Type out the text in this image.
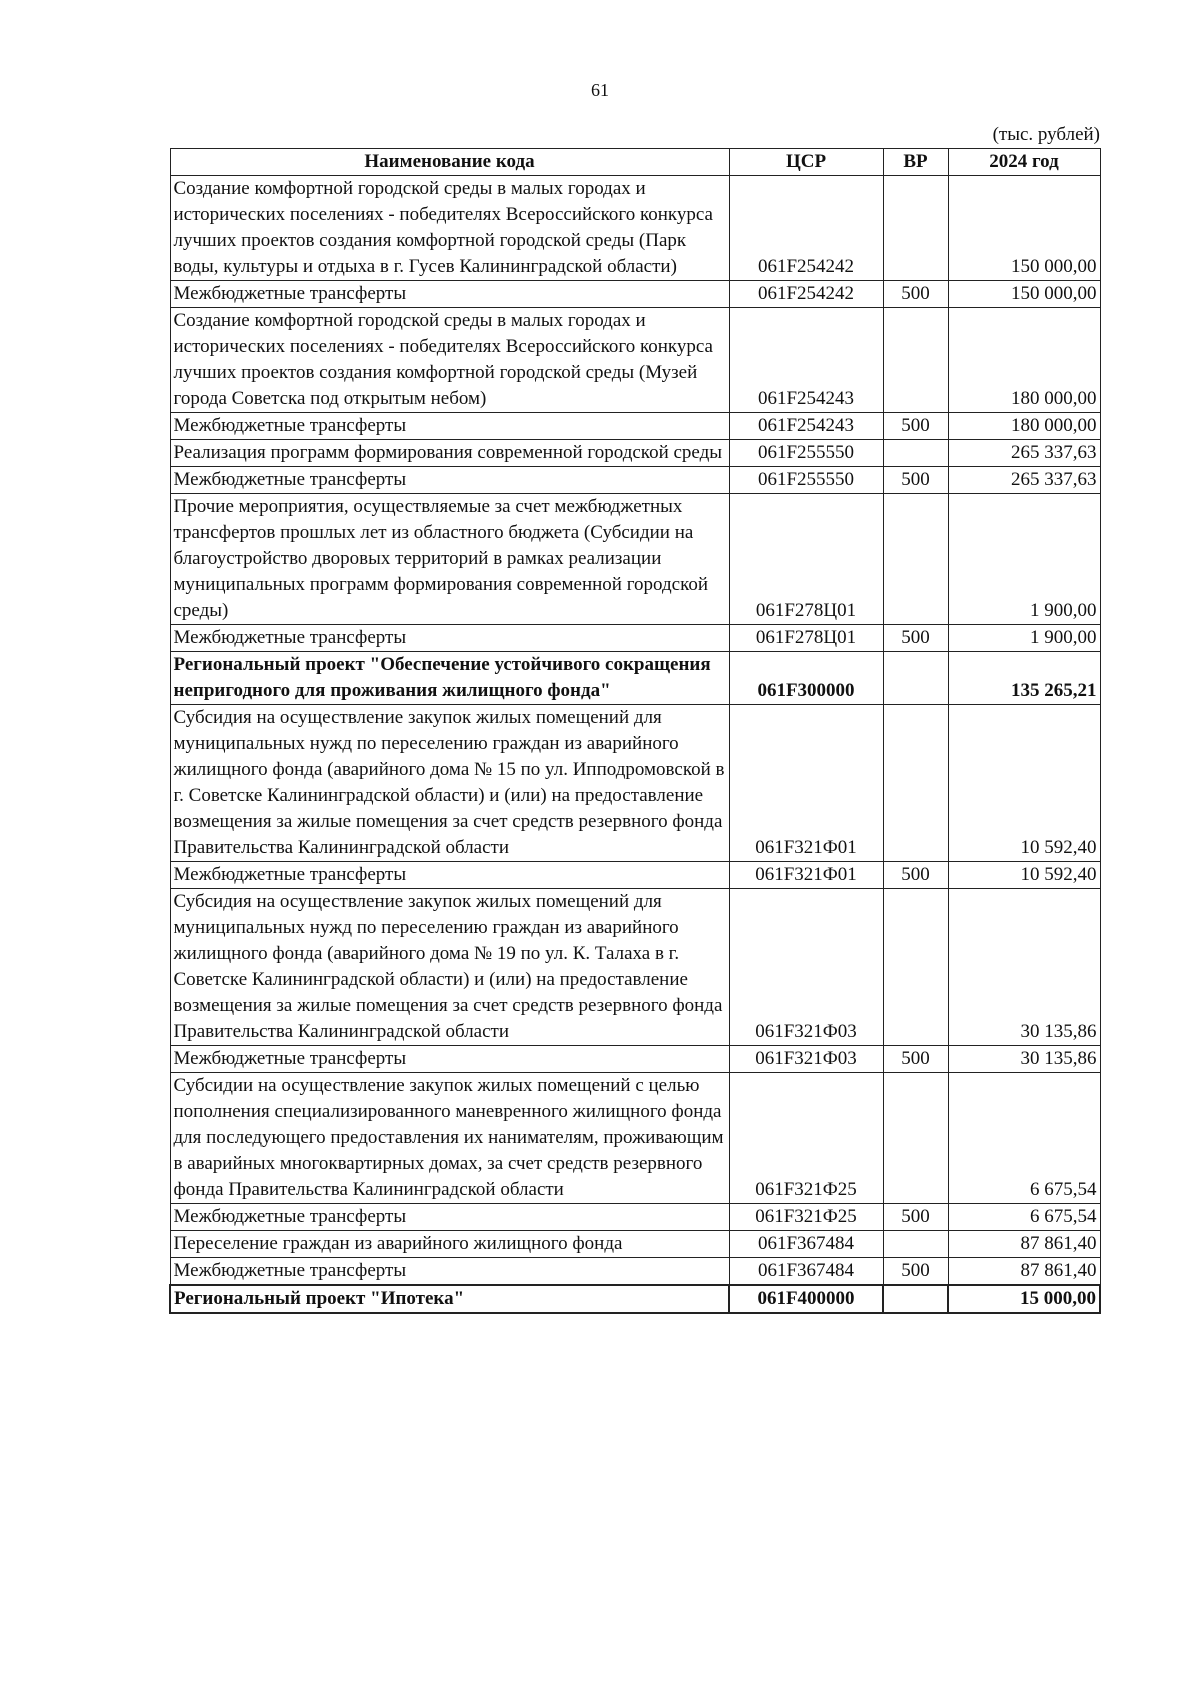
61
(тыс. рублей)
Наименование кода	ЦСР	ВР	2024 год
Создание комфортной городской среды в малых городах и исторических поселениях - победителях Всероссийского конкурса лучших проектов создания комфортной городской среды (Парк воды, культуры и отдыха в г. Гусев Калининградской области)	061F254242		150 000,00
Межбюджетные трансферты	061F254242	500	150 000,00
Создание комфортной городской среды в малых городах и исторических поселениях - победителях Всероссийского конкурса лучших проектов создания комфортной городской среды (Музей города Советска под открытым небом)	061F254243		180 000,00
Межбюджетные трансферты	061F254243	500	180 000,00
Реализация программ формирования современной городской среды	061F255550		265 337,63
Межбюджетные трансферты	061F255550	500	265 337,63
Прочие мероприятия, осуществляемые за счет межбюджетных трансфертов прошлых лет из областного бюджета (Субсидии на благоустройство дворовых территорий в рамках реализации муниципальных программ формирования современной городской среды)	061F278Ц01		1 900,00
Межбюджетные трансферты	061F278Ц01	500	1 900,00
Региональный проект "Обеспечение устойчивого сокращения непригодного для проживания жилищного фонда"	061F300000		135 265,21
Субсидия на осуществление закупок жилых помещений для муниципальных нужд по переселению граждан из аварийного жилищного фонда (аварийного дома № 15 по ул. Ипподромовской в г. Советске Калининградской области) и (или) на предоставление возмещения за жилые помещения за счет средств резервного фонда Правительства Калининградской области	061F321Ф01		10 592,40
Межбюджетные трансферты	061F321Ф01	500	10 592,40
Субсидия на осуществление закупок жилых помещений для муниципальных нужд по переселению граждан из аварийного жилищного фонда (аварийного дома № 19 по ул. К. Талаха в г. Советске Калининградской области) и (или) на предоставление возмещения за жилые помещения за счет средств резервного фонда Правительства Калининградской области	061F321Ф03		30 135,86
Межбюджетные трансферты	061F321Ф03	500	30 135,86
Субсидии на осуществление закупок жилых помещений с целью пополнения специализированного маневренного жилищного фонда для последующего предоставления их нанимателям, проживающим в аварийных многоквартирных домах, за счет средств резервного фонда Правительства Калининградской области	061F321Ф25		6 675,54
Межбюджетные трансферты	061F321Ф25	500	6 675,54
Переселение граждан из аварийного жилищного фонда	061F367484		87 861,40
Межбюджетные трансферты	061F367484	500	87 861,40
Региональный проект "Ипотека"	061F400000		15 000,00
